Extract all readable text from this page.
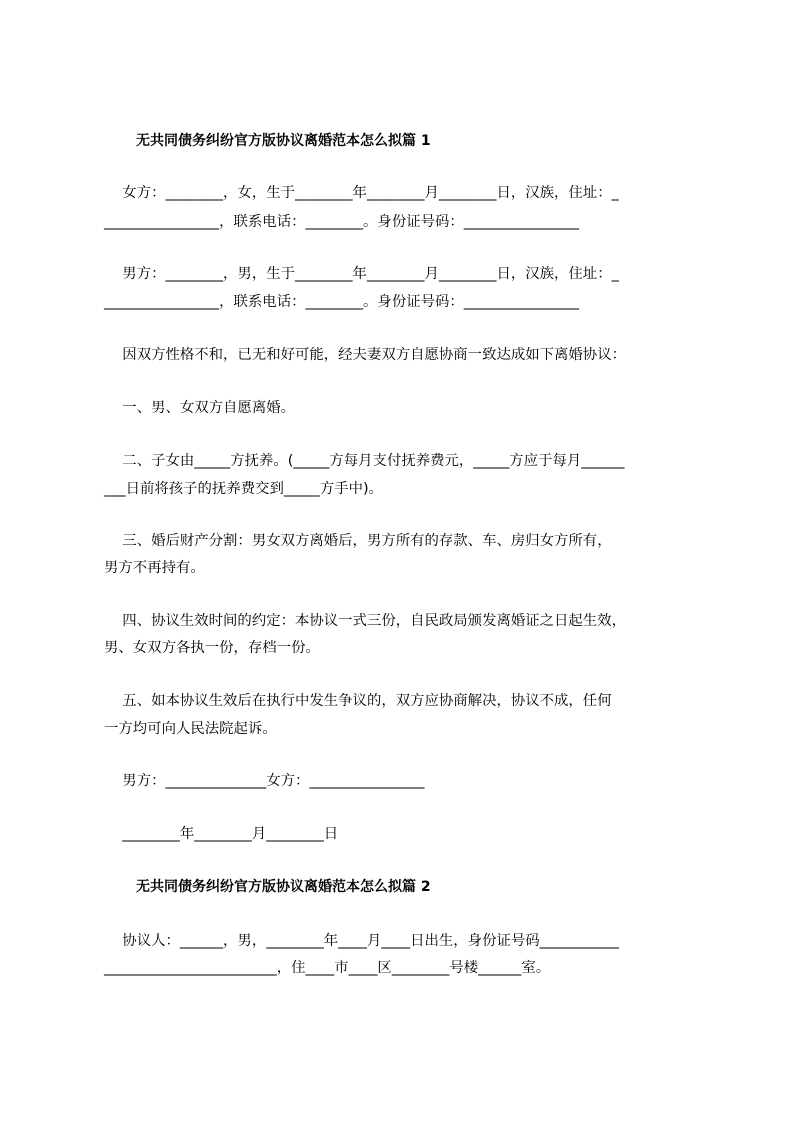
无共同债务纠纷官方版协议离婚范本怎么拟篇 1
女方：________，女，生于________年________月________日，汉族，住址：_
________________，联系电话：________。身份证号码：________________
男方：________，男，生于________年________月________日，汉族，住址：_
________________，联系电话：________。身份证号码：________________
因双方性格不和，已无和好可能，经夫妻双方自愿协商一致达成如下离婚协议：
一、男、女双方自愿离婚。
二、子女由_____方抚养。(_____方每月支付抚养费元，_____方应于每月______
___日前将孩子的抚养费交到_____方手中)。
三、婚后财产分割：男女双方离婚后，男方所有的存款、车、房归女方所有，
男方不再持有。
四、协议生效时间的约定：本协议一式三份，自民政局颁发离婚证之日起生效，
男、女双方各执一份，存档一份。
五、如本协议生效后在执行中发生争议的，双方应协商解决，协议不成，任何
一方均可向人民法院起诉。
男方：______________女方：________________
________年________月________日
无共同债务纠纷官方版协议离婚范本怎么拟篇 2
协议人：______，男，________年____月____日出生，身份证号码___________
________________________，住____市____区________号楼______室。
